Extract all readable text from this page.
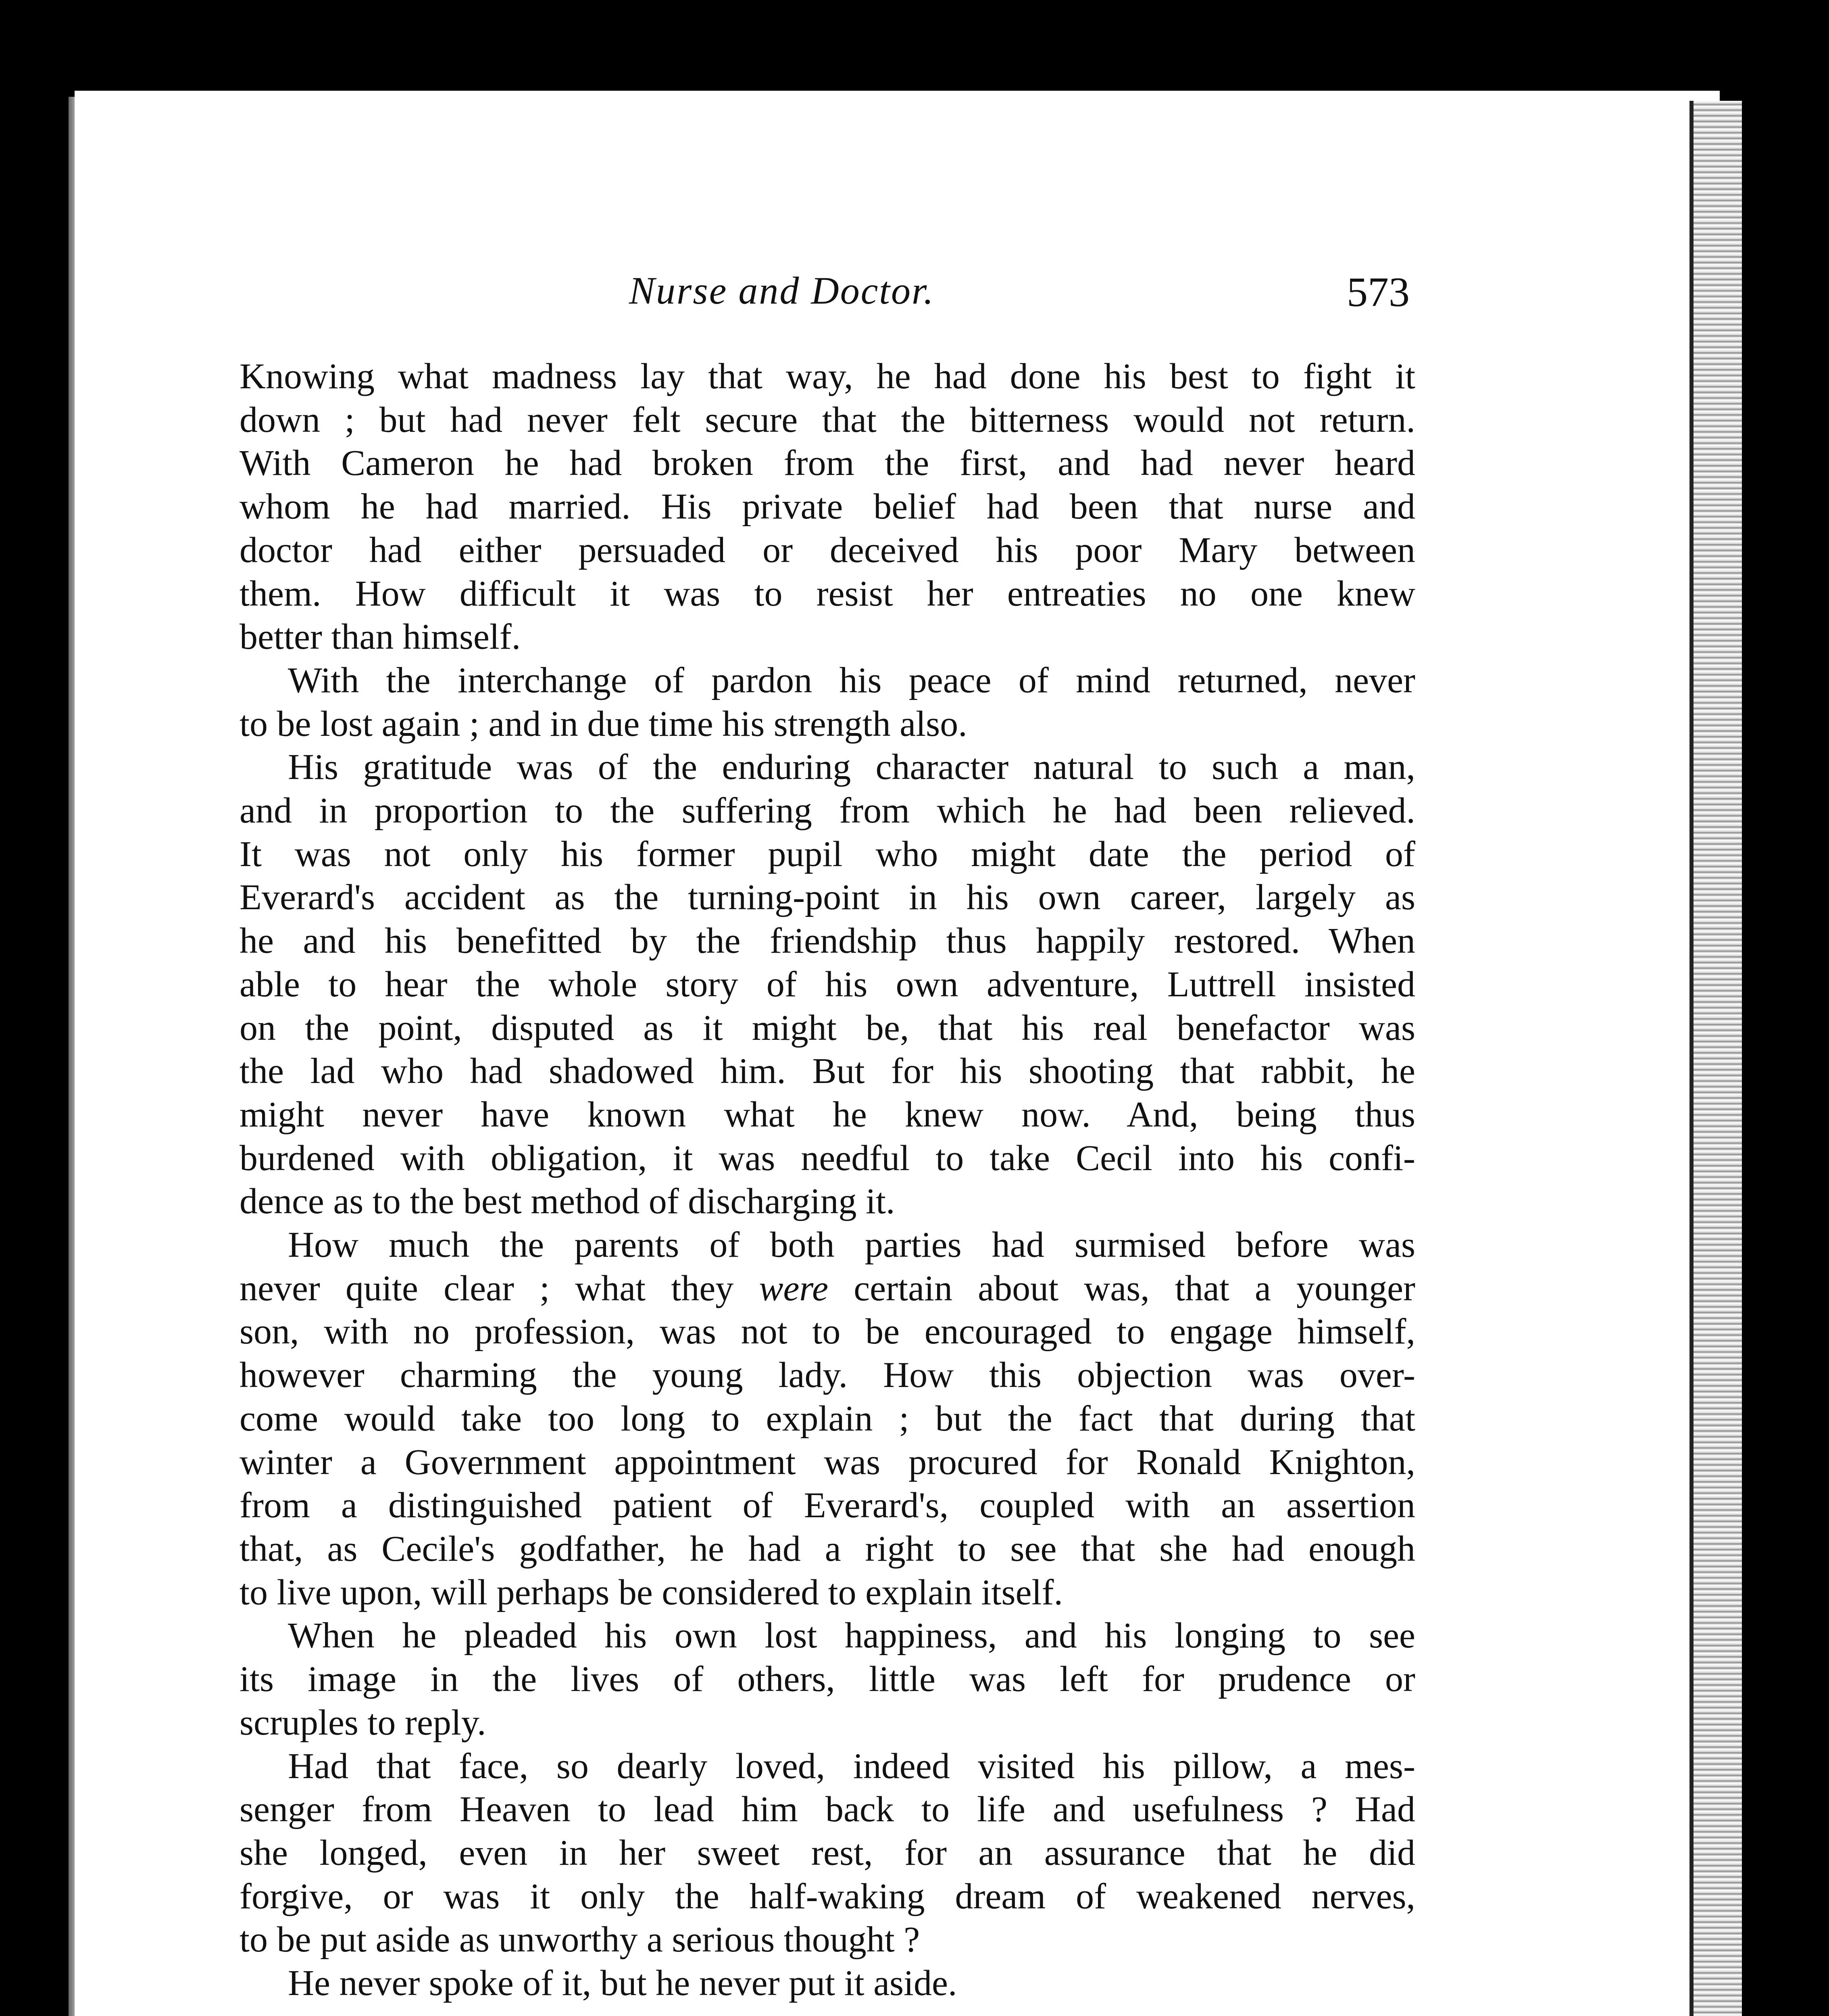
Nurse and Doctor.	573
Knowing what madness lay that way, he had done his best to fight it
down ; but had never felt secure that the bitterness would not return.
With Cameron he had broken from the first, and had never heard
whom he had married. His private belief had been that nurse and
doctor had either persuaded or deceived his poor Mary between
them. How difficult it was to resist her entreaties no one knew
better than himself.
With the interchange of pardon his peace of mind returned, never
to be lost again ; and in due time his strength also.
His gratitude was of the enduring character natural to such a man,
and in proportion to the suffering from which he had been relieved.
It was not only his former pupil who might date the period of
Everard's accident as the turning-point in his own career, largely as
he and his benefitted by the friendship thus happily restored. When
able to hear the whole story of his own adventure, Luttrell insisted
on the point, disputed as it might be, that his real benefactor was
the lad who had shadowed him. But for his shooting that rabbit, he
might never have known what he knew now. And, being thus
burdened with obligation, it was needful to take Cecil into his confi-
dence as to the best method of discharging it.
How much the parents of both parties had surmised before was
never quite clear ; what they were certain about was, that a younger
son, with no profession, was not to be encouraged to engage himself,
however charming the young lady. How this objection was over-
come would take too long to explain ; but the fact that during that
winter a Government appointment was procured for Ronald Knighton,
from a distinguished patient of Everard's, coupled with an assertion
that, as Cecile's godfather, he had a right to see that she had enough
to live upon, will perhaps be considered to explain itself.
When he pleaded his own lost happiness, and his longing to see
its image in the lives of others, little was left for prudence or
scruples to reply.
Had that face, so dearly loved, indeed visited his pillow, a mes-
senger from Heaven to lead him back to life and usefulness ? Had
she longed, even in her sweet rest, for an assurance that he did
forgive, or was it only the half-waking dream of weakened nerves,
to be put aside as unworthy a serious thought ?
He never spoke of it, but he never put it aside.
